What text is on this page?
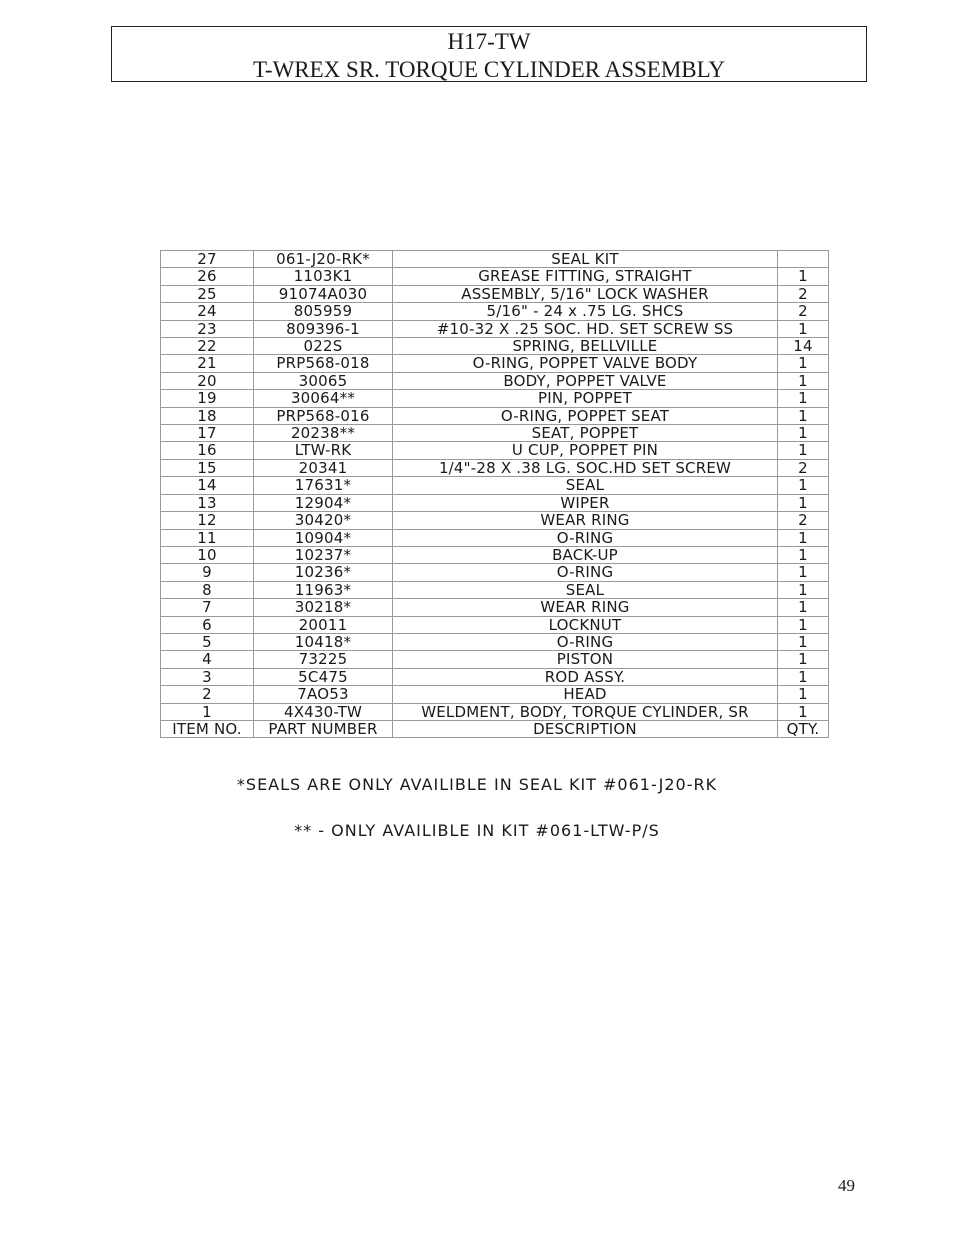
H17-TW
T-WREX SR. TORQUE CYLINDER ASSEMBLY
27	061-J20-RK*	SEAL KIT	
26	1103K1	GREASE FITTING, STRAIGHT	1
25	91074A030	ASSEMBLY, 5/16" LOCK WASHER	2
24	805959	5/16" - 24 x .75 LG. SHCS	2
23	809396-1	#10-32 X .25 SOC. HD. SET SCREW SS	1
22	022S	SPRING, BELLVILLE	14
21	PRP568-018	O-RING, POPPET VALVE BODY	1
20	30065	BODY, POPPET VALVE	1
19	30064**	PIN, POPPET	1
18	PRP568-016	O-RING, POPPET SEAT	1
17	20238**	SEAT, POPPET	1
16	LTW-RK	U CUP, POPPET PIN	1
15	20341	1/4"-28 X .38 LG. SOC.HD SET SCREW	2
14	17631*	SEAL	1
13	12904*	WIPER	1
12	30420*	WEAR RING	2
11	10904*	O-RING	1
10	10237*	BACK-UP	1
9	10236*	O-RING	1
8	11963*	SEAL	1
7	30218*	WEAR RING	1
6	20011	LOCKNUT	1
5	10418*	O-RING	1
4	73225	PISTON	1
3	5C475	ROD ASSY.	1
2	7AO53	HEAD	1
1	4X430-TW	WELDMENT, BODY, TORQUE CYLINDER, SR	1
ITEM NO.	PART NUMBER	DESCRIPTION	QTY.
*SEALS ARE ONLY AVAILIBLE IN SEAL KIT #061-J20-RK
** - ONLY AVAILIBLE IN KIT #061-LTW-P/S
49
